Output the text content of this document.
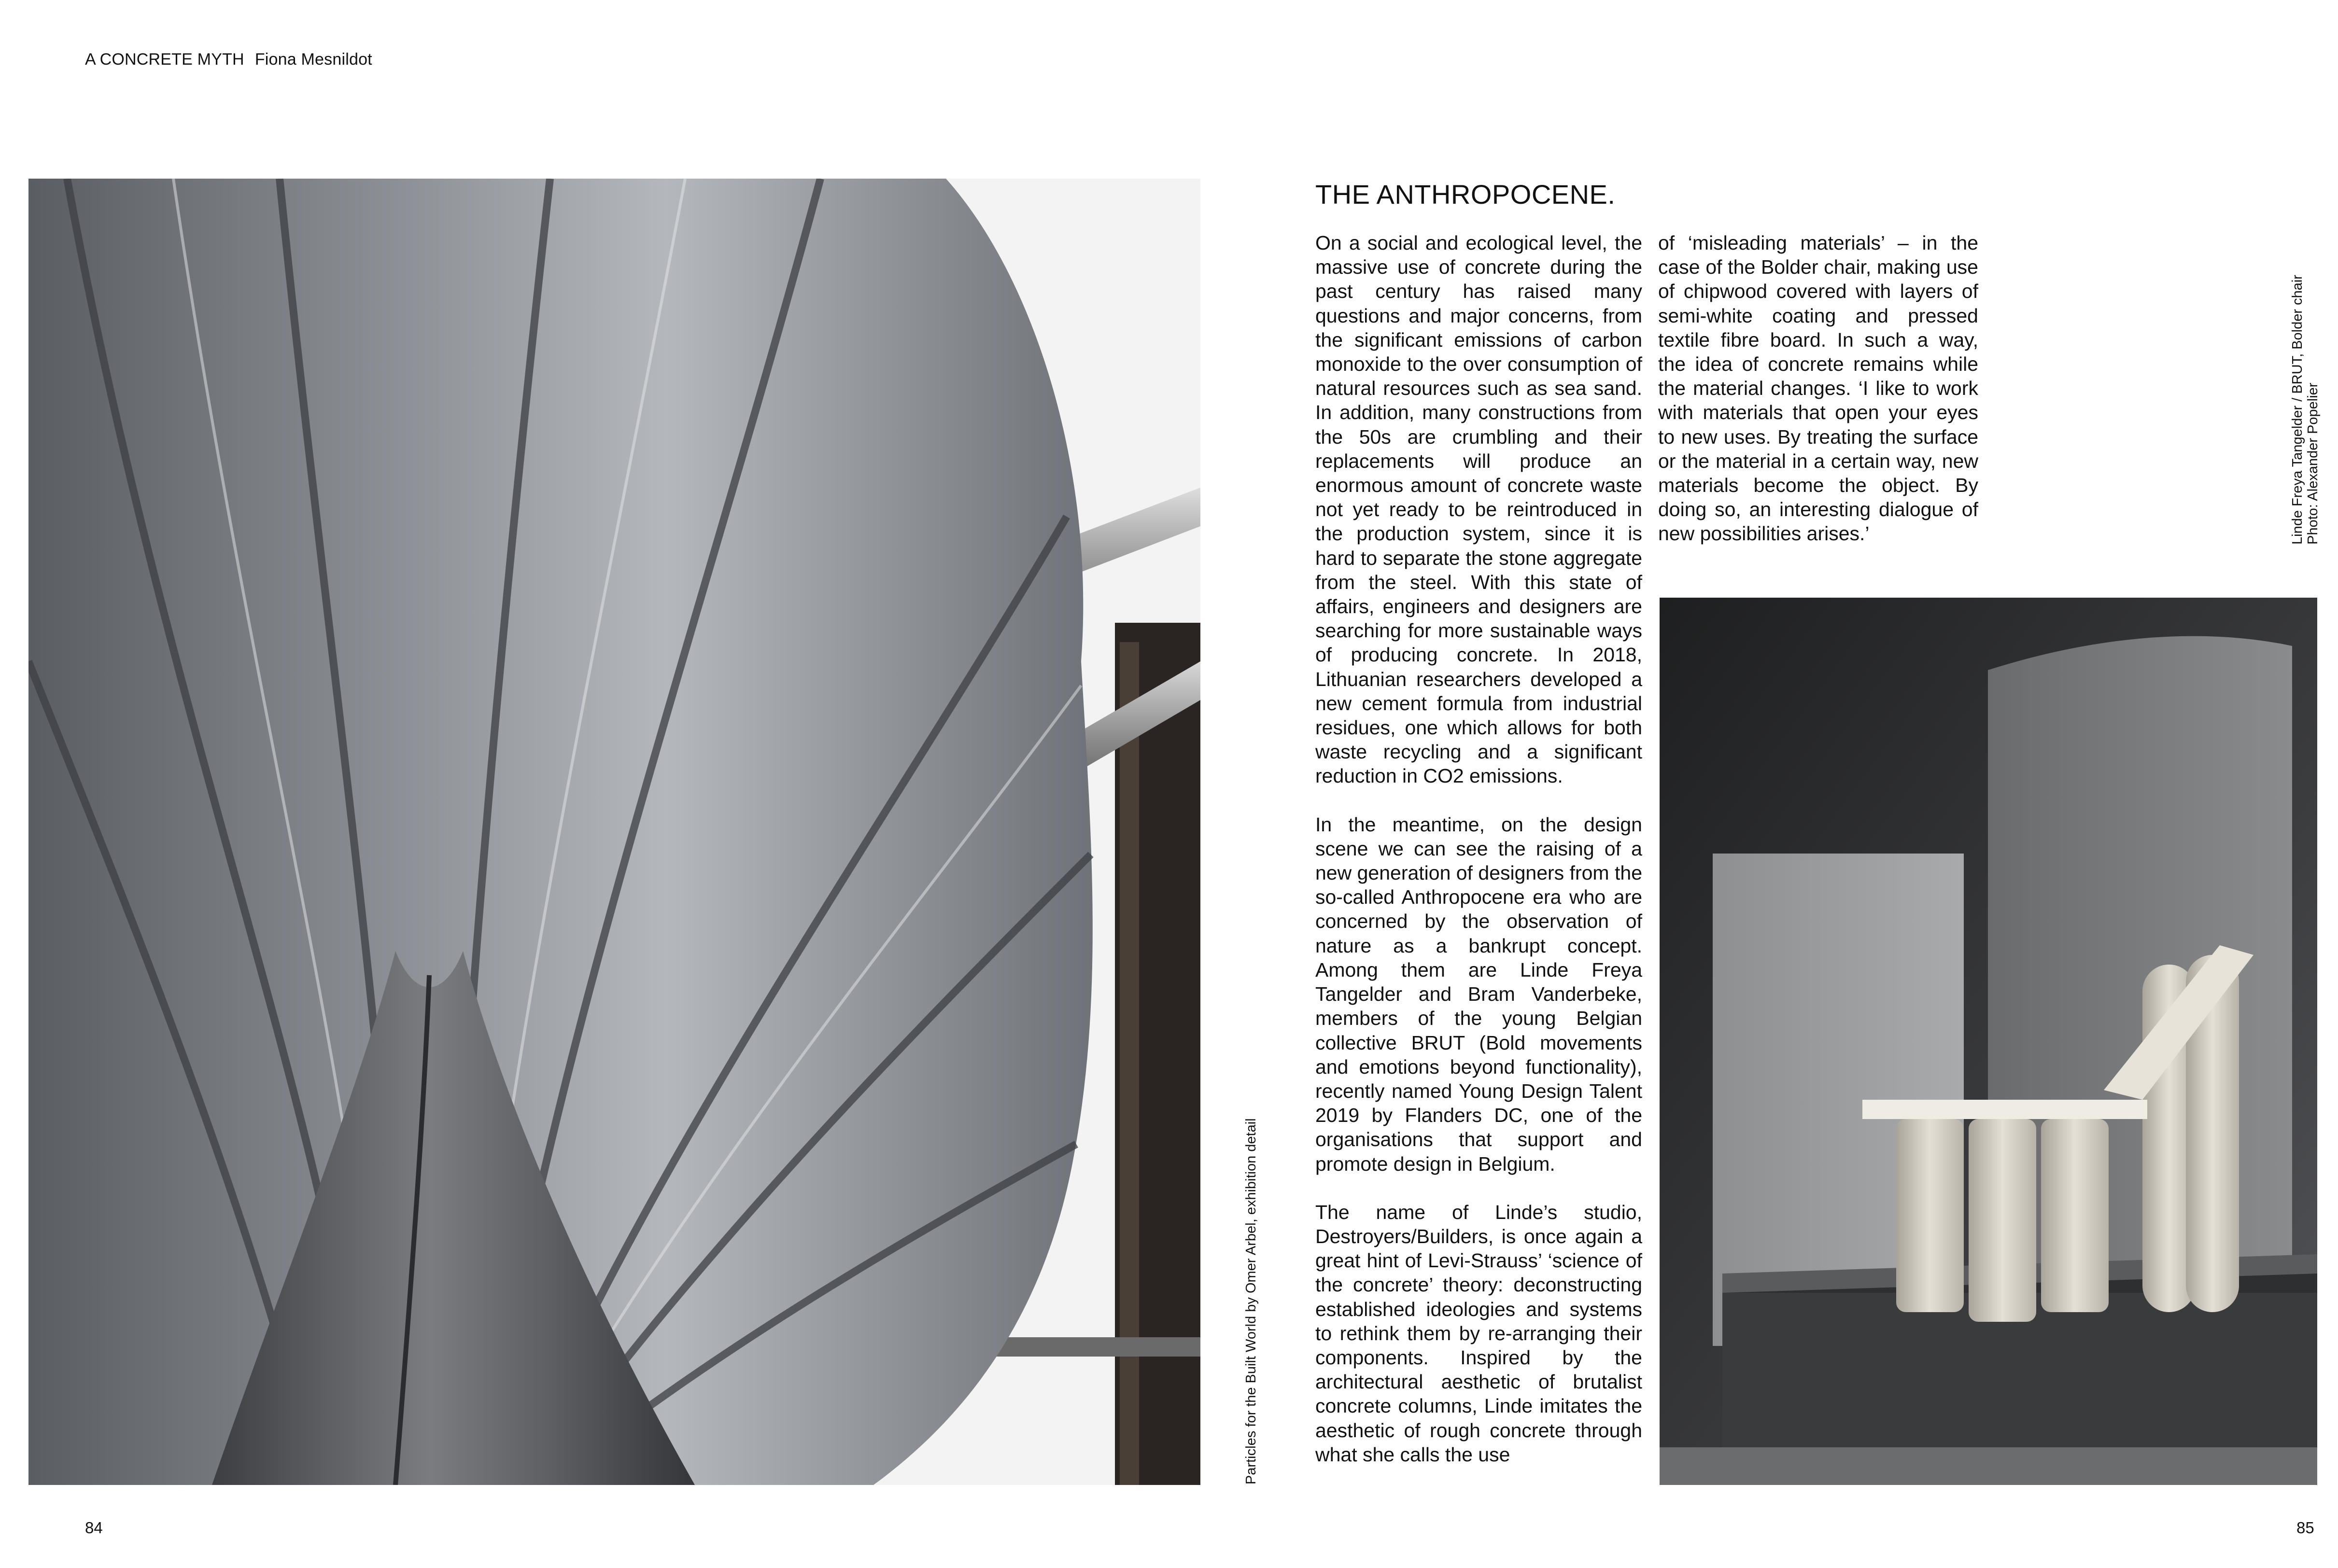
A CONCRETE MYTH Fiona Mesnildot
Particles for the Built World by Omer Arbel, exhibition detail
THE ANTHROPOCENE.

On a social and ecological level, the massive use of concrete during the past century has raised many questions and major concerns, from the significant emissions of carbon monoxide to the over consumption of natural resources such as sea sand. In addition, many constructions from the 50s are crumbling and their replacements will produce an enormous amount of concrete waste not yet ready to be reintroduced in the production system, since it is hard to separate the stone aggregate from the steel. With this state of affairs, engineers and designers are searching for more sustainable ways of producing concrete. In 2018, Lithuanian researchers developed a new cement formula from industrial residues, one which allows for both waste recycling and a significant reduction in CO2 emissions.

In the meantime, on the design scene we can see the raising of a new generation of designers from the so-called Anthropocene era who are concerned by the observation of nature as a bankrupt concept. Among them are Linde Freya Tangelder and Bram Vanderbeke, members of the young Belgian collective BRUT (Bold movements and emotions beyond functionality), recently named Young Design Talent 2019 by Flanders DC, one of the organisations that support and promote design in Belgium.

The name of Linde’s studio, Destroyers/Builders, is once again a great hint of Levi-Strauss’ ‘science of the concrete’ theory: deconstructing established ideologies and systems to rethink them by re-arranging their components. Inspired by the architectural aesthetic of brutalist concrete columns, Linde imitates the aesthetic of rough concrete through what she calls the use

of ‘misleading materials’ – in the case of the Bolder chair, making use of chipwood covered with layers of semi-white coating and pressed textile fibre board. In such a way, the idea of concrete remains while the material changes. ‘I like to work with materials that open your eyes to new uses. By treating the surface or the material in a certain way, new materials become the object. By doing so, an interesting dialogue of new possibilities arises.’	Linde Freya Tangelder / BRUT, Bolder chair Photo: Alexander Popelier
84	85
